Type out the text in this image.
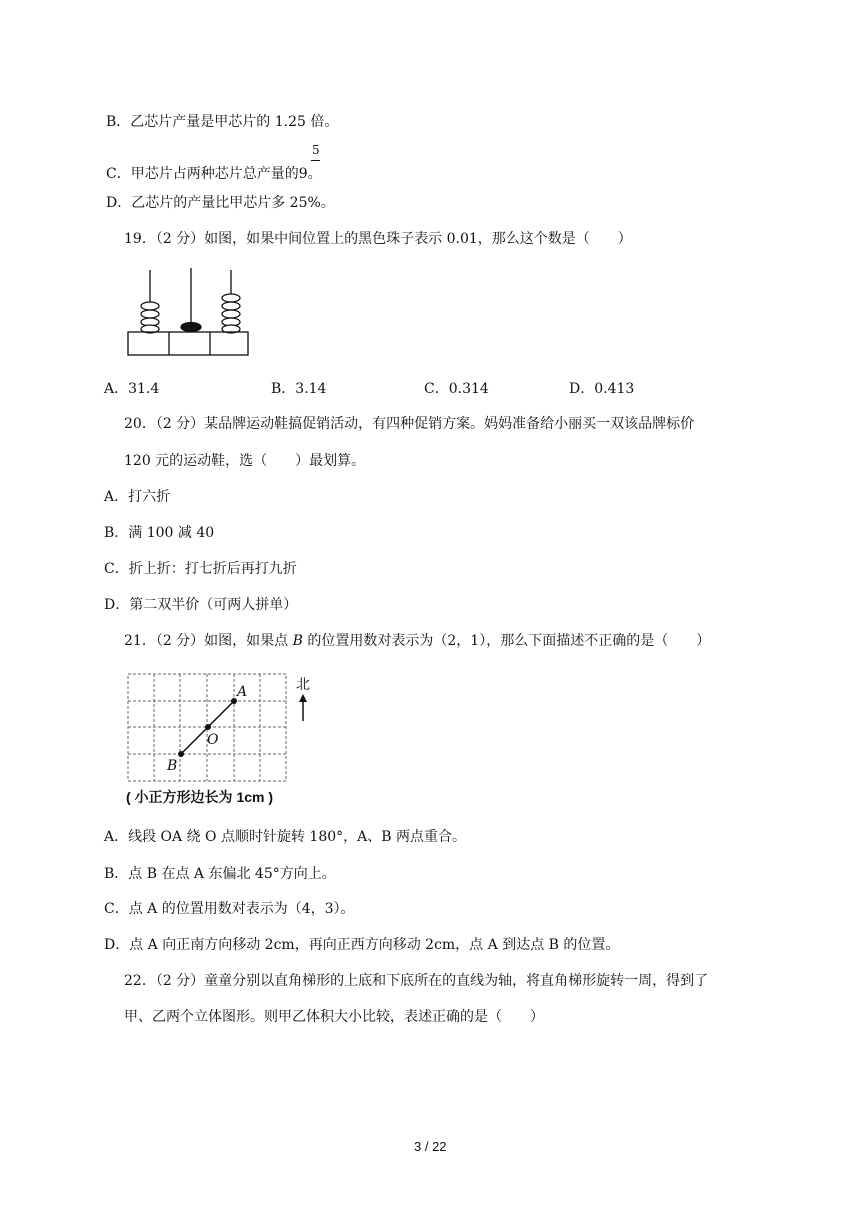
B．乙芯片产量是甲芯片的 1.25 倍。
5
C．甲芯片占两种芯片总产量的9。
D．乙芯片的产量比甲芯片多 25%。
19．（2 分）如图，如果中间位置上的黑色珠子表示 0.01，那么这个数是（　　）
A．31.4	B．3.14	C．0.314	D．0.413
20．（2 分）某品牌运动鞋搞促销活动，有四种促销方案。妈妈准备给小丽买一双该品牌标价
120 元的运动鞋，选（　　）最划算。
A．打六折
B．满 100 减 40
C．折上折：打七折后再打九折
D．第二双半价（可两人拼单）
21．（2 分）如图，如果点 B 的位置用数对表示为（2，1），那么下面描述不正确的是（　　）
A
O
B
北
( 小正方形边长为 1cm )
A．线段 OA 绕 O 点顺时针旋转 180°，A、B 两点重合。
B．点 B 在点 A 东偏北 45°方向上。
C．点 A 的位置用数对表示为（4，3）。
D．点 A 向正南方向移动 2cm，再向正西方向移动 2cm，点 A 到达点 B 的位置。
22．（2 分）童童分别以直角梯形的上底和下底所在的直线为轴，将直角梯形旋转一周，得到了
甲、乙两个立体图形。则甲乙体积大小比较，表述正确的是（　　）
3 / 22
